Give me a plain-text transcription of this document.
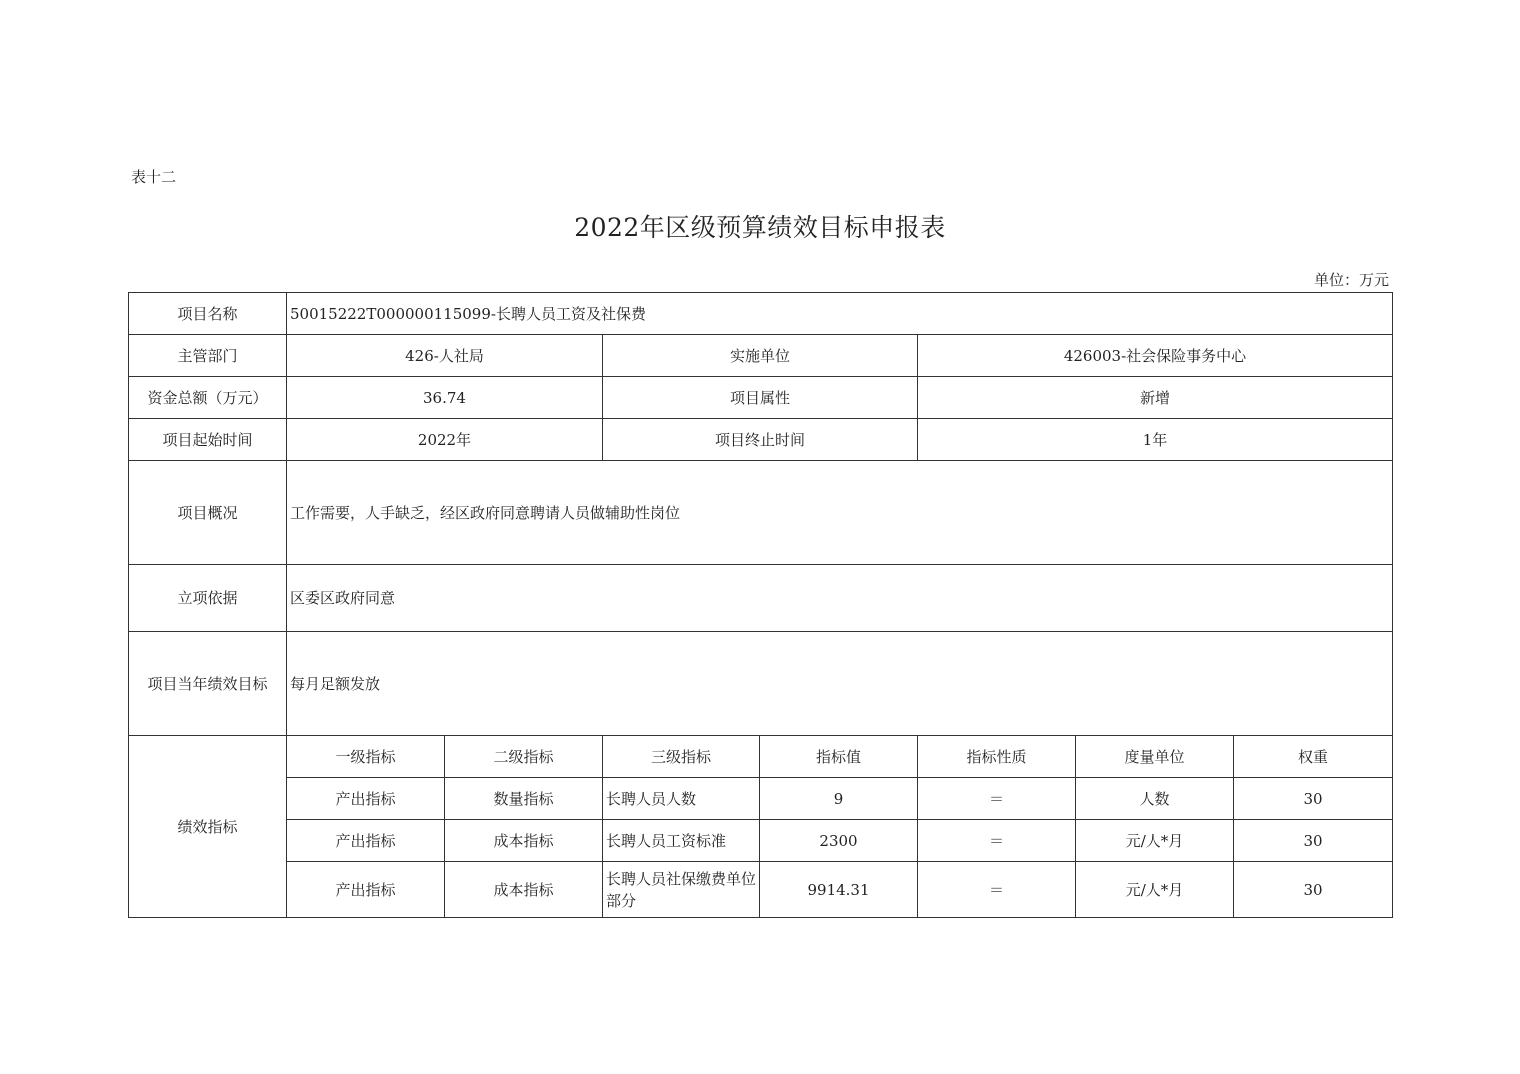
表十二
2022年区级预算绩效目标申报表
单位：万元
项目名称	50015222T000000115099-长聘人员工资及社保费						
主管部门	426-人社局		实施单位		426003-社会保险事务中心		
资金总额（万元）	36.74		项目属性		新增		
项目起始时间	2022年		项目终止时间		1年		
项目概况	工作需要，人手缺乏，经区政府同意聘请人员做辅助性岗位						
立项依据	区委区政府同意						
项目当年绩效目标	每月足额发放						
绩效指标	一级指标	二级指标	三级指标	指标值	指标性质	度量单位	权重
	产出指标	数量指标	长聘人员人数	9	＝	人数	30
	产出指标	成本指标	长聘人员工资标准	2300	＝	元/人*月	30
	产出指标	成本指标	长聘人员社保缴费单位部分	9914.31	＝	元/人*月	30
